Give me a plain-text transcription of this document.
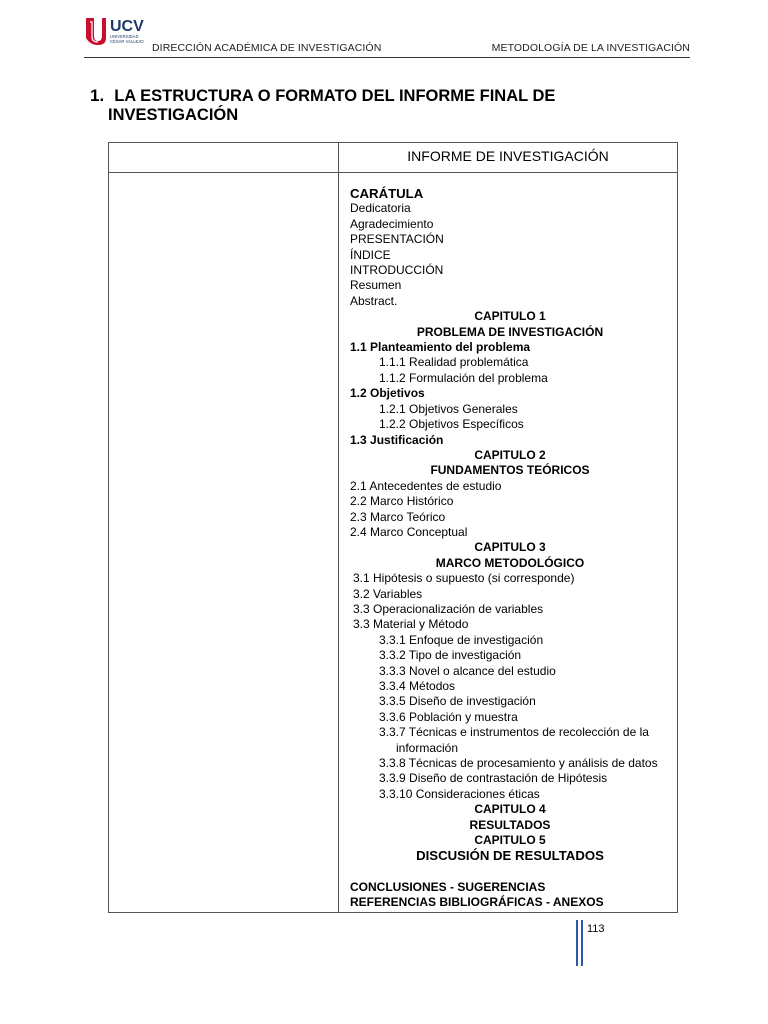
UCV
UNIVERSIDAD
CÉSAR VALLEJO
DIRECCIÓN ACADÉMICA DE INVESTIGACIÓN	METODOLOGÍA DE LA INVESTIGACIÓN
1. LA ESTRUCTURA O FORMATO DEL INFORME FINAL DE
INVESTIGACIÓN
INFORME DE INVESTIGACIÓN
CARÁTULA
Dedicatoria
Agradecimiento
PRESENTACIÓN
ÍNDICE
INTRODUCCIÓN
Resumen
Abstract.
CAPITULO 1
PROBLEMA DE INVESTIGACIÓN
1.1 Planteamiento del problema
1.1.1 Realidad problemática
1.1.2 Formulación del problema
1.2 Objetivos
1.2.1 Objetivos Generales
1.2.2 Objetivos Específicos
1.3 Justificación
CAPITULO 2
FUNDAMENTOS TEÓRICOS
2.1 Antecedentes de estudio
2.2 Marco Histórico
2.3 Marco Teórico
2.4 Marco Conceptual
CAPITULO 3
MARCO METODOLÓGICO
3.1 Hipótesis o supuesto (si corresponde)
3.2 Variables
3.3 Operacionalización de variables
3.3 Material y Método
3.3.1 Enfoque de investigación
3.3.2 Tipo de investigación
3.3.3 Novel o alcance del estudio
3.3.4 Métodos
3.3.5 Diseño de investigación
3.3.6 Población y muestra
3.3.7 Técnicas e instrumentos de recolección de la
información
3.3.8 Técnicas de procesamiento y análisis de datos
3.3.9 Diseño de contrastación de Hipótesis
3.3.10 Consideraciones éticas
CAPITULO 4
RESULTADOS
CAPITULO 5
DISCUSIÓN DE RESULTADOS
CONCLUSIONES - SUGERENCIAS
REFERENCIAS BIBLIOGRÁFICAS - ANEXOS
113
